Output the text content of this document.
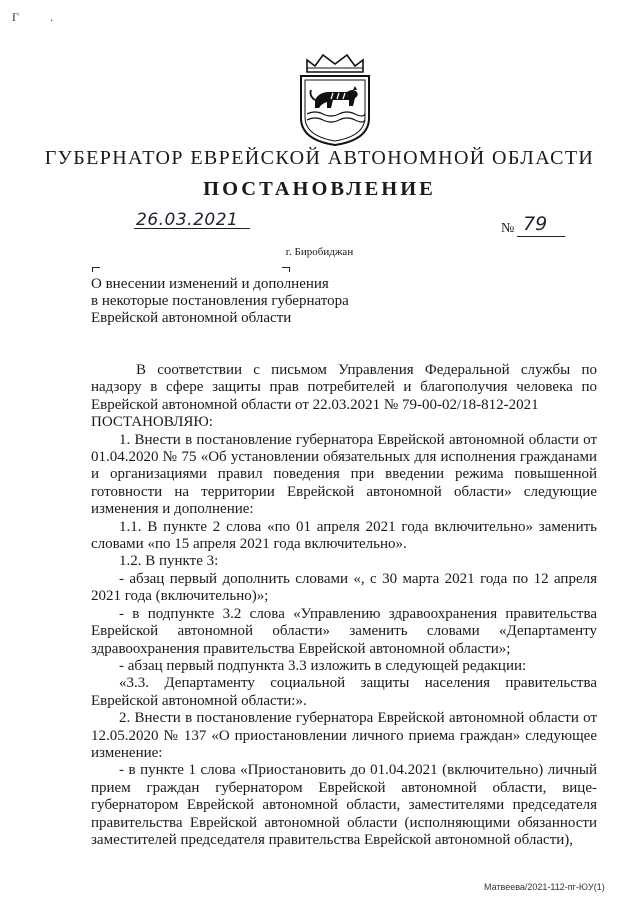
Г	.
ГУБЕРНАТОР ЕВРЕЙСКОЙ АВТОНОМНОЙ ОБЛАСТИ
ПОСТАНОВЛЕНИЕ
26.03.2021	№ 79
г. Биробиджан
О внесении изменений и дополнения
в некоторые постановления губернатора
Еврейской автономной области

В соответствии с письмом Управления Федеральной службы по надзору в сфере защиты прав потребителей и благополучия человека по Еврейской автономной области от 22.03.2021 № 79-00-02/18-812-2021

ПОСТАНОВЛЯЮ:

1. Внести в постановление губернатора Еврейской автономной области от 01.04.2020 № 75 «Об установлении обязательных для исполнения гражданами и организациями правил поведения при введении режима повышенной готовности на территории Еврейской автономной области» следующие изменения и дополнение:

1.1. В пункте 2 слова «по 01 апреля 2021 года включительно» заменить словами «по 15 апреля 2021 года включительно».

1.2. В пункте 3:

- абзац первый дополнить словами «, с 30 марта 2021 года по 12 апреля 2021 года (включительно)»;

- в подпункте 3.2 слова «Управлению здравоохранения правительства Еврейской автономной области» заменить словами «Департаменту здравоохранения правительства Еврейской автономной области»;

- абзац первый подпункта 3.3 изложить в следующей редакции:

«3.3. Департаменту социальной защиты населения правительства Еврейской автономной области:».

2. Внести в постановление губернатора Еврейской автономной области от 12.05.2020 № 137 «О приостановлении личного приема граждан» следующее изменение:

- в пункте 1 слова «Приостановить до 01.04.2021 (включительно) личный прием граждан губернатором Еврейской автономной области, вице-губернатором Еврейской автономной области, заместителями председателя правительства Еврейской автономной области (исполняющими обязанности заместителей председателя правительства Еврейской автономной области),

Матвеева/2021-112-пг-ЮУ(1)
